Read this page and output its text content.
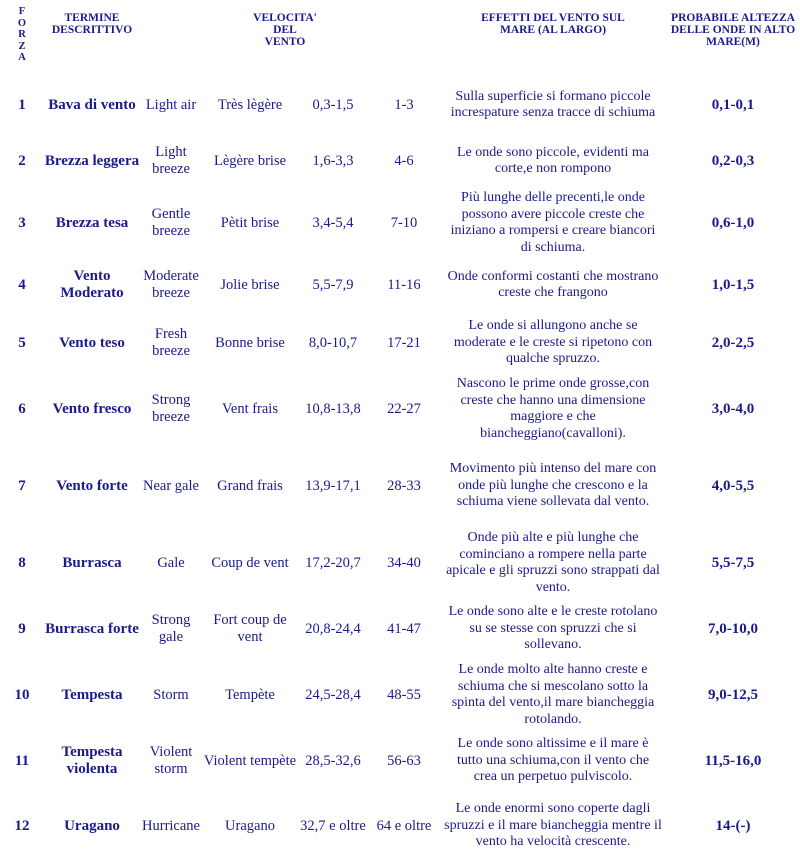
F
O
R
Z
A	TERMINE DESCRITTIVO		VELOCITA' DEL VENTO			EFFETTI DEL VENTO SUL MARE (AL LARGO)	PROBABILE ALTEZZA DELLE ONDE IN ALTO MARE(M)
1	Bava di vento	Light air	Très lègère	0,3-1,5	1-3	Sulla superficie si formano piccole increspature senza tracce di schiuma	0,1-0,1
2	Brezza leggera	Light breeze	Lègère brise	1,6-3,3	4-6	Le onde sono piccole, evidenti ma corte,e non rompono	0,2-0,3
3	Brezza tesa	Gentle breeze	Pètit brise	3,4-5,4	7-10	Più lunghe delle precenti,le onde possono avere piccole creste che iniziano a rompersi e creare biancori di schiuma.	0,6-1,0
4	Vento Moderato	Moderate breeze	Jolie brise	5,5-7,9	11-16	Onde conformi costanti che mostrano creste che frangono	1,0-1,5
5	Vento teso	Fresh breeze	Bonne brise	8,0-10,7	17-21	Le onde si allungono anche se moderate e le creste si ripetono con qualche spruzzo.	2,0-2,5
6	Vento fresco	Strong breeze	Vent frais	10,8-13,8	22-27	Nascono le prime onde grosse,con creste che hanno una dimensione maggiore e che biancheggiano(cavalloni).	3,0-4,0
7	Vento forte	Near gale	Grand frais	13,9-17,1	28-33	Movimento più intenso del mare con onde più lunghe che crescono e la schiuma viene sollevata dal vento.	4,0-5,5
8	Burrasca	Gale	Coup de vent	17,2-20,7	34-40	Onde più alte e più lunghe che cominciano a rompere nella parte apicale e gli spruzzi sono strappati dal vento.	5,5-7,5
9	Burrasca forte	Strong gale	Fort coup de vent	20,8-24,4	41-47	Le onde sono alte e le creste rotolano su se stesse con spruzzi che si sollevano.	7,0-10,0
10	Tempesta	Storm	Tempète	24,5-28,4	48-55	Le onde molto alte hanno creste e schiuma che si mescolano sotto la spinta del vento,il mare biancheggia rotolando.	9,0-12,5
11	Tempesta violenta	Violent storm	Violent tempète	28,5-32,6	56-63	Le onde sono altissime e il mare è tutto una schiuma,con il vento che crea un perpetuo pulviscolo.	11,5-16,0
12	Uragano	Hurricane	Uragano	32,7 e oltre	64 e oltre	Le onde enormi sono coperte dagli spruzzi e il mare biancheggia mentre il vento ha velocità crescente.	14-(-)
